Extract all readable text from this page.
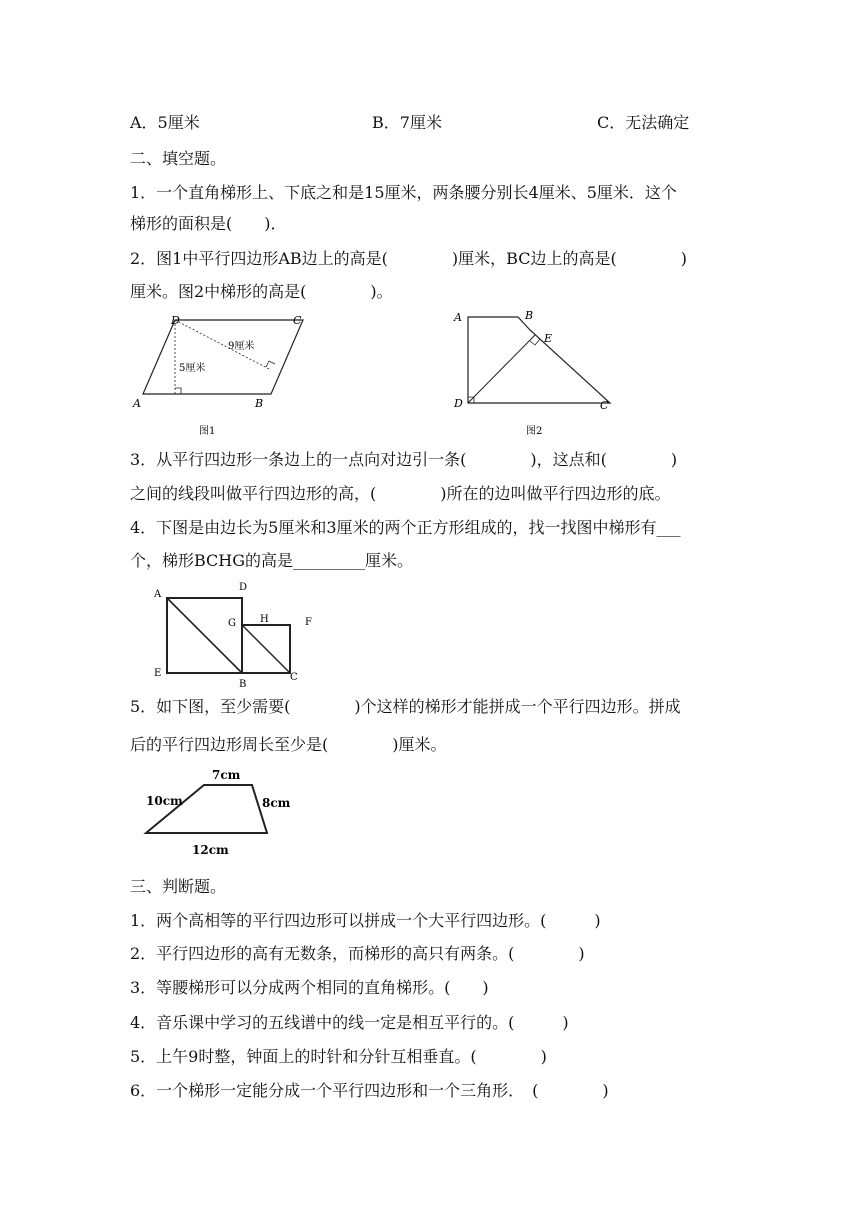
A．5厘米	B．7厘米	C．无法确定
二、填空题。
1．一个直角梯形上、下底之和是15厘米，两条腰分别长4厘米、5厘米．这个
梯形的面积是(　　)．
2．图1中平行四边形AB边上的高是(　　　　)厘米，BC边上的高是(　　　　)
厘米。图2中梯形的高是(　　　　)。
D	C
A	B
9厘米
5厘米
图1
A	B
E
D	C
图2
3．从平行四边形一条边上的一点向对边引一条(　　　　)，这点和(　　　　)
之间的线段叫做平行四边形的高，(　　　　)所在的边叫做平行四边形的底。
4．下图是由边长为5厘米和3厘米的两个正方形组成的，找一找图中梯形有___
个，梯形BCHG的高是_________厘米。
A
D
G H	F
E
B
C
5．如下图，至少需要(　　　　)个这样的梯形才能拼成一个平行四边形。拼成
后的平行四边形周长至少是(　　　　)厘米。
7cm
10cm	8cm
12cm
三、判断题。
1．两个高相等的平行四边形可以拼成一个大平行四边形。(　　　)
2．平行四边形的高有无数条，而梯形的高只有两条。(　　　　)
3．等腰梯形可以分成两个相同的直角梯形。(　　)
4．音乐课中学习的五线谱中的线一定是相互平行的。(　　　)
5．上午9时整，钟面上的时针和分针互相垂直。(　　　　)
6．一个梯形一定能分成一个平行四边形和一个三角形．　(　　　　)
